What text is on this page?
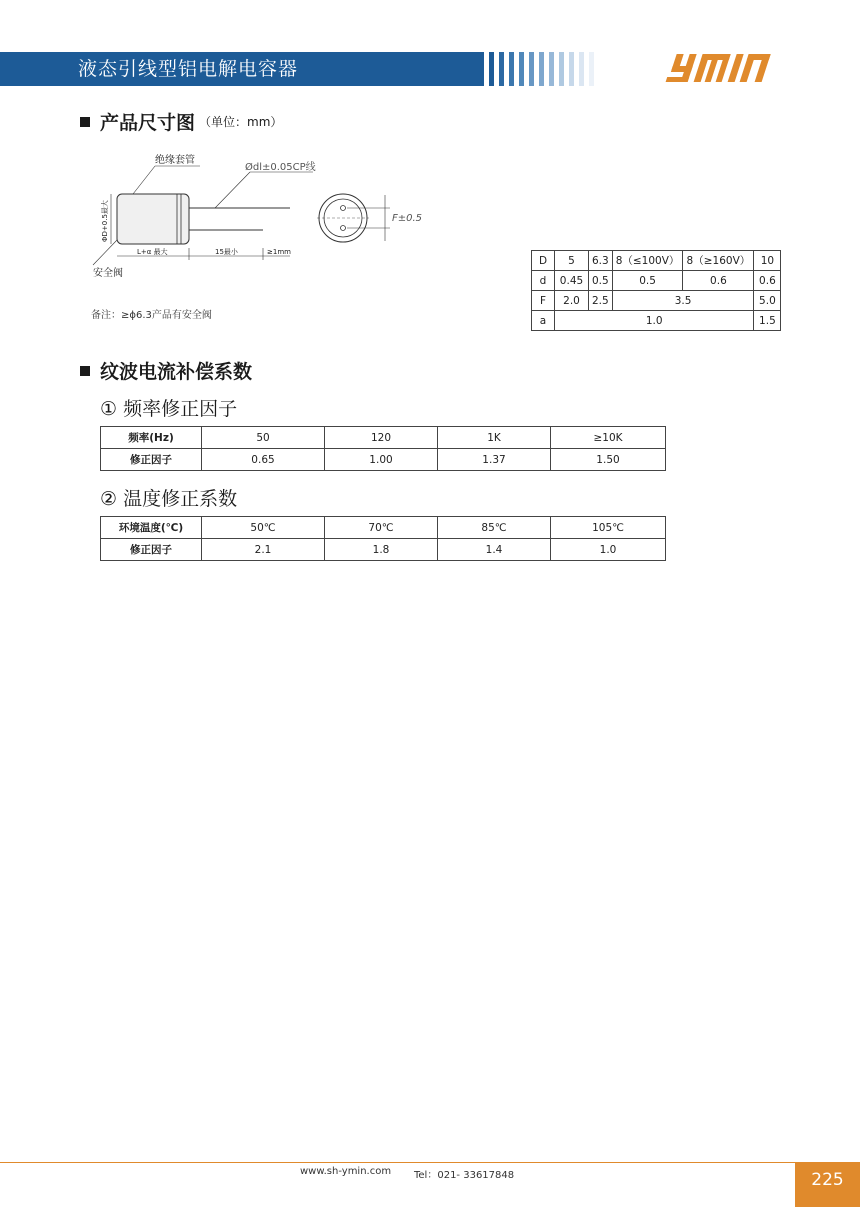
液态引线型铝电解电容器
产品尺寸图 （单位：mm）
绝缘套管
Ødl±0.05CP线
安全阀
ΦD+0.5最大
L+α 最大	15最小	≥1mm
F±0.5
备注：≥ϕ6.3产品有安全阀
D	5	6.3	8（≤100V）	8（≥160V）	10
d	0.45	0.5	0.5	0.6	0.6
F	2.0	2.5	3.5		5.0
a	1.0				1.5
纹波电流补偿系数
① 频率修正因子
频率(Hz)	50	120	1K	≥10K
修正因子	0.65	1.00	1.37	1.50
② 温度修正系数
环境温度(℃)	50℃	70℃	85℃	105℃
修正因子	2.1	1.8	1.4	1.0
www.sh-ymin.com Tel：021- 33617848	225
